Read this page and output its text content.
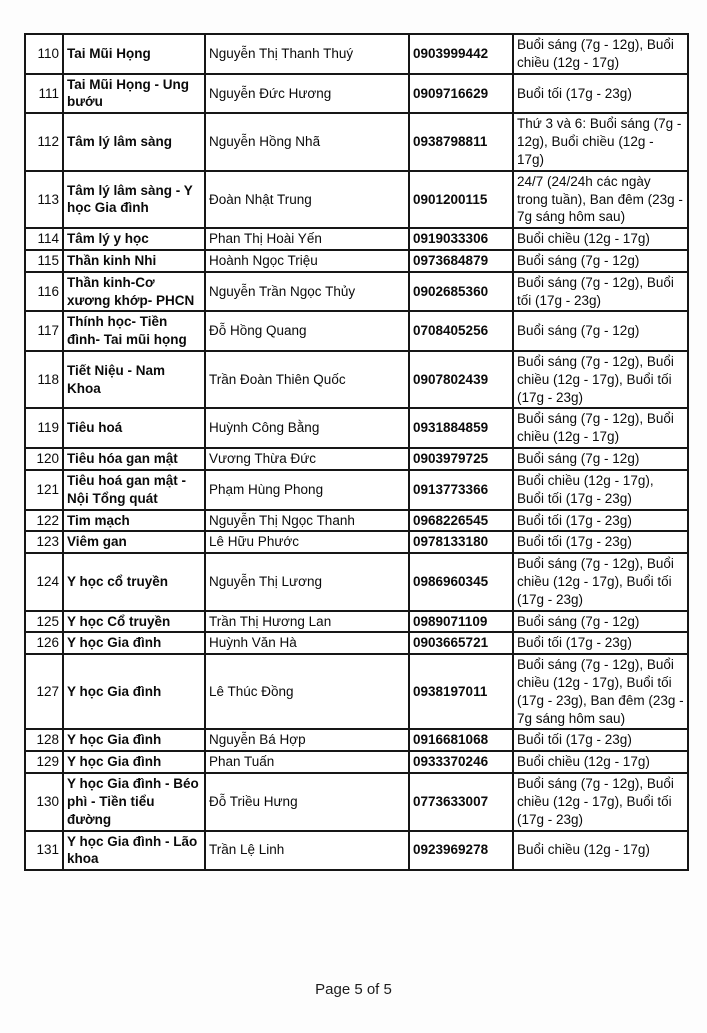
110	Tai Mũi Họng	Nguyễn Thị Thanh Thuý	0903999442	Buổi sáng (7g - 12g), Buổi chiều (12g - 17g)
111	Tai Mũi Họng - Ung bướu	Nguyễn Đức Hương	0909716629	Buổi tối (17g - 23g)
112	Tâm lý lâm sàng	Nguyễn Hồng Nhã	0938798811	Thứ 3 và 6: Buổi sáng (7g - 12g), Buổi chiều (12g - 17g)
113	Tâm lý lâm sàng - Y học Gia đình	Đoàn Nhật Trung	0901200115	24/7 (24/24h các ngày trong tuần), Ban đêm (23g - 7g sáng hôm sau)
114	Tâm lý y học	Phan Thị Hoài Yến	0919033306	Buổi chiều (12g - 17g)
115	Thần kinh Nhi	Hoành Ngọc Triệu	0973684879	Buổi sáng (7g - 12g)
116	Thần kinh-Cơ xương khớp- PHCN	Nguyễn Trần Ngọc Thủy	0902685360	Buổi sáng (7g - 12g), Buổi tối (17g - 23g)
117	Thính học- Tiền đình- Tai mũi họng	Đỗ Hồng Quang	0708405256	Buổi sáng (7g - 12g)
118	Tiết Niệu - Nam Khoa	Trần Đoàn Thiên Quốc	0907802439	Buổi sáng (7g - 12g), Buổi chiều (12g - 17g), Buổi tối (17g - 23g)
119	Tiêu hoá	Huỳnh Công Bằng	0931884859	Buổi sáng (7g - 12g), Buổi chiều (12g - 17g)
120	Tiêu hóa gan mật	Vương Thừa Đức	0903979725	Buổi sáng (7g - 12g)
121	Tiêu hoá gan mật - Nội Tổng quát	Phạm Hùng Phong	0913773366	Buổi chiều (12g - 17g), Buổi tối (17g - 23g)
122	Tim mạch	Nguyễn Thị Ngọc Thanh	0968226545	Buổi tối (17g - 23g)
123	Viêm gan	Lê Hữu Phước	0978133180	Buổi tối (17g - 23g)
124	Y học cổ truyền	Nguyễn Thị Lương	0986960345	Buổi sáng (7g - 12g), Buổi chiều (12g - 17g), Buổi tối (17g - 23g)
125	Y học Cổ truyền	Trần Thị Hương Lan	0989071109	Buổi sáng (7g - 12g)
126	Y học Gia đình	Huỳnh Văn Hà	0903665721	Buổi tối (17g - 23g)
127	Y học Gia đình	Lê Thúc Đồng	0938197011	Buổi sáng (7g - 12g), Buổi chiều (12g - 17g), Buổi tối (17g - 23g), Ban đêm (23g - 7g sáng hôm sau)
128	Y học Gia đình	Nguyễn Bá Hợp	0916681068	Buổi tối (17g - 23g)
129	Y học Gia đình	Phan Tuấn	0933370246	Buổi chiều (12g - 17g)
130	Y học Gia đình - Béo phì - Tiền tiểu đường	Đỗ Triều Hưng	0773633007	Buổi sáng (7g - 12g), Buổi chiều (12g - 17g), Buổi tối (17g - 23g)
131	Y học Gia đình - Lão khoa	Trần Lệ Linh	0923969278	Buổi chiều (12g - 17g)
Page 5 of 5
